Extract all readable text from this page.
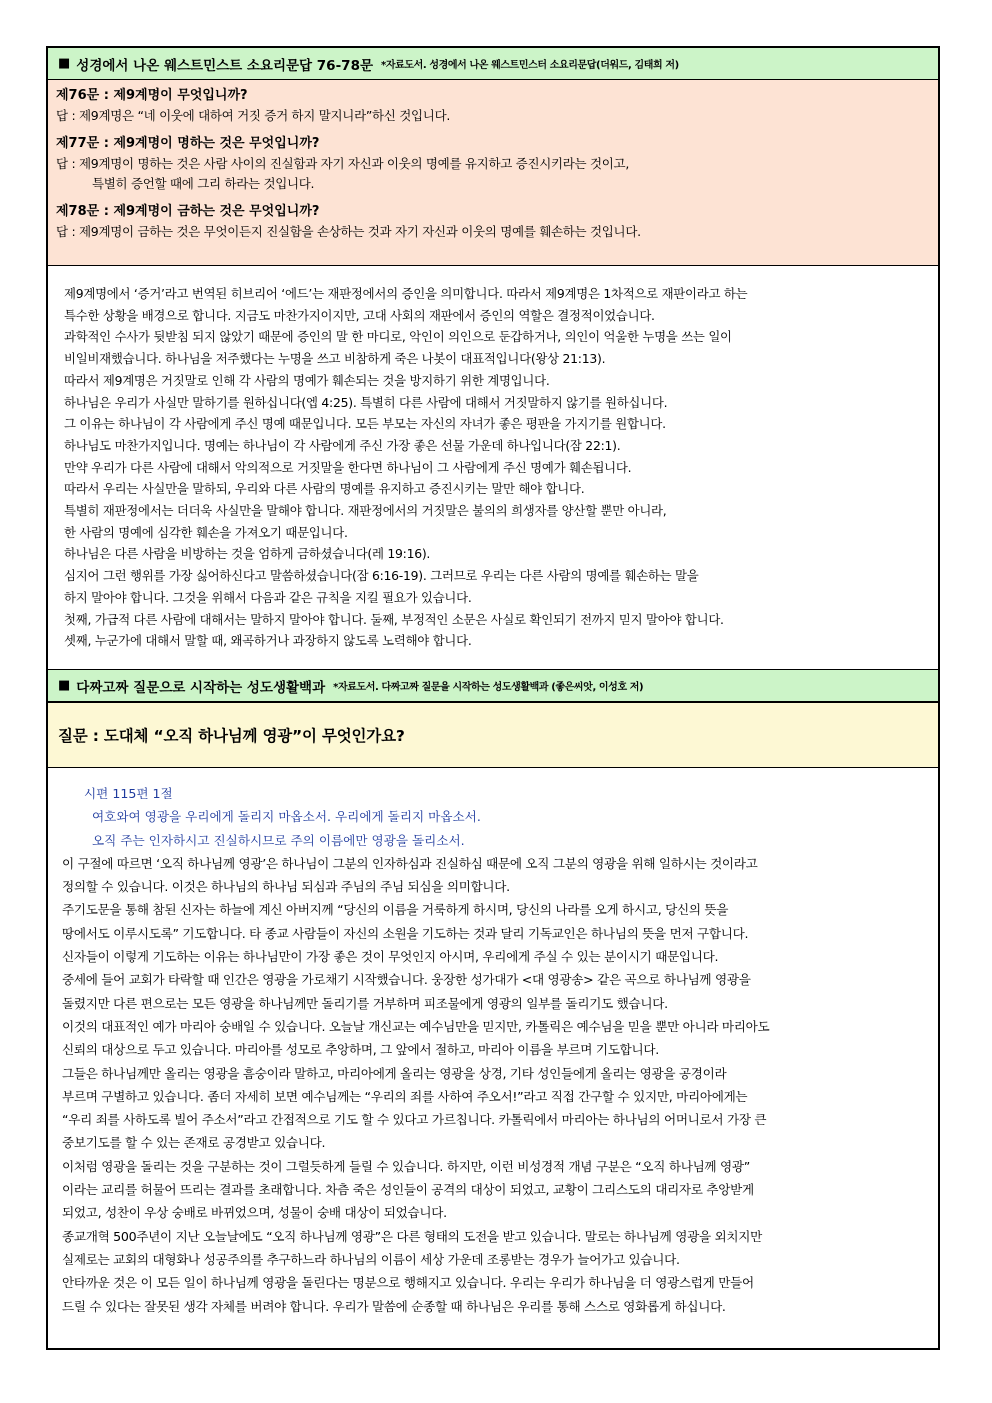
■ 성경에서 나온 웨스트민스트 소요리문답 76-78문 *자료도서. 성경에서 나온 웨스트민스터 소요리문답(더워드, 김태희 저)
제76문 : 제9계명이 무엇입니까?
답 : 제9계명은 “네 이웃에 대하여 거짓 증거 하지 말지니라”하신 것입니다.
제77문 : 제9계명이 명하는 것은 무엇입니까?
답 : 제9계명이 명하는 것은 사람 사이의 진실함과 자기 자신과 이웃의 명예를 유지하고 증진시키라는 것이고,
특별히 증언할 때에 그리 하라는 것입니다.
제78문 : 제9계명이 금하는 것은 무엇입니까?
답 : 제9계명이 금하는 것은 무엇이든지 진실함을 손상하는 것과 자기 자신과 이웃의 명예를 훼손하는 것입니다.
제9계명에서 ‘증거’라고 번역된 히브리어 ‘에드’는 재판정에서의 증인을 의미합니다. 따라서 제9계명은 1차적으로 재판이라고 하는
특수한 상황을 배경으로 합니다. 지금도 마찬가지이지만, 고대 사회의 재판에서 증인의 역할은 결정적이었습니다.
과학적인 수사가 뒷받침 되지 않았기 때문에 증인의 말 한 마디로, 악인이 의인으로 둔갑하거나, 의인이 억울한 누명을 쓰는 일이
비일비재했습니다. 하나님을 저주했다는 누명을 쓰고 비참하게 죽은 나봇이 대표적입니다(왕상 21:13).
따라서 제9계명은 거짓말로 인해 각 사람의 명예가 훼손되는 것을 방지하기 위한 계명입니다.
하나님은 우리가 사실만 말하기를 원하십니다(엡 4:25). 특별히 다른 사람에 대해서 거짓말하지 않기를 원하십니다.
그 이유는 하나님이 각 사람에게 주신 명예 때문입니다. 모든 부모는 자신의 자녀가 좋은 평판을 가지기를 원합니다.
하나님도 마찬가지입니다. 명예는 하나님이 각 사람에게 주신 가장 좋은 선물 가운데 하나입니다(잠 22:1).
만약 우리가 다른 사람에 대해서 악의적으로 거짓말을 한다면 하나님이 그 사람에게 주신 명예가 훼손됩니다.
따라서 우리는 사실만을 말하되, 우리와 다른 사람의 명예를 유지하고 증진시키는 말만 해야 합니다.
특별히 재판정에서는 더더욱 사실만을 말해야 합니다. 재판정에서의 거짓말은 불의의 희생자를 양산할 뿐만 아니라,
한 사람의 명예에 심각한 훼손을 가져오기 때문입니다.
하나님은 다른 사람을 비방하는 것을 엄하게 금하셨습니다(레 19:16).
심지어 그런 행위를 가장 싫어하신다고 말씀하셨습니다(잠 6:16-19). 그러므로 우리는 다른 사람의 명예를 훼손하는 말을
하지 말아야 합니다. 그것을 위해서 다음과 같은 규칙을 지킬 필요가 있습니다.
첫째, 가급적 다른 사람에 대해서는 말하지 말아야 합니다. 둘째, 부정적인 소문은 사실로 확인되기 전까지 믿지 말아야 합니다.
셋째, 누군가에 대해서 말할 때, 왜곡하거나 과장하지 않도록 노력해야 합니다.
■ 다짜고짜 질문으로 시작하는 성도생활백과 *자료도서. 다짜고짜 질문을 시작하는 성도생활백과 (좋은씨앗, 이성호 저)
질문 : 도대체 “오직 하나님께 영광”이 무엇인가요?
시편 115편 1절
여호와여 영광을 우리에게 돌리지 마옵소서. 우리에게 돌리지 마옵소서.
오직 주는 인자하시고 진실하시므로 주의 이름에만 영광을 돌리소서.
이 구절에 따르면 ‘오직 하나님께 영광’은 하나님이 그분의 인자하심과 진실하심 때문에 오직 그분의 영광을 위해 일하시는 것이라고
정의할 수 있습니다. 이것은 하나님의 하나님 되심과 주님의 주님 되심을 의미합니다.
주기도문을 통해 참된 신자는 하늘에 계신 아버지께 “당신의 이름을 거룩하게 하시며, 당신의 나라를 오게 하시고, 당신의 뜻을
땅에서도 이루시도록” 기도합니다. 타 종교 사람들이 자신의 소원을 기도하는 것과 달리 기독교인은 하나님의 뜻을 먼저 구합니다.
신자들이 이렇게 기도하는 이유는 하나님만이 가장 좋은 것이 무엇인지 아시며, 우리에게 주실 수 있는 분이시기 때문입니다.
중세에 들어 교회가 타락할 때 인간은 영광을 가로채기 시작했습니다. 웅장한 성가대가 <대 영광송> 같은 곡으로 하나님께 영광을
돌렸지만 다른 편으로는 모든 영광을 하나님께만 돌리기를 거부하며 피조물에게 영광의 일부를 돌리기도 했습니다.
이것의 대표적인 예가 마리아 숭배일 수 있습니다. 오늘날 개신교는 예수님만을 믿지만, 카톨릭은 예수님을 믿을 뿐만 아니라 마리아도
신뢰의 대상으로 두고 있습니다. 마리아를 성모로 추앙하며, 그 앞에서 절하고, 마리아 이름을 부르며 기도합니다.
그들은 하나님께만 올리는 영광을 흠숭이라 말하고, 마리아에게 올리는 영광을 상경, 기타 성인들에게 올리는 영광을 공경이라
부르며 구별하고 있습니다. 좀더 자세히 보면 예수님께는 “우리의 죄를 사하여 주오서!”라고 직접 간구할 수 있지만, 마리아에게는
“우리 죄를 사하도록 빌어 주소서”라고 간접적으로 기도 할 수 있다고 가르칩니다. 카톨릭에서 마리아는 하나님의 어머니로서 가장 큰
중보기도를 할 수 있는 존재로 공경받고 있습니다.
이처럼 영광을 돌리는 것을 구분하는 것이 그럴듯하게 들릴 수 있습니다. 하지만, 이런 비성경적 개념 구분은 “오직 하나님께 영광”
이라는 교리를 허물어 뜨리는 결과를 초래합니다. 차츰 죽은 성인들이 공격의 대상이 되었고, 교황이 그리스도의 대리자로 추앙받게
되었고, 성찬이 우상 숭배로 바뀌었으며, 성물이 숭배 대상이 되었습니다.
종교개혁 500주년이 지난 오늘날에도 “오직 하나님께 영광”은 다른 형태의 도전을 받고 있습니다. 말로는 하나님께 영광을 외치지만
실제로는 교회의 대형화나 성공주의를 추구하느라 하나님의 이름이 세상 가운데 조롱받는 경우가 늘어가고 있습니다.
안타까운 것은 이 모든 일이 하나님께 영광을 돌린다는 명분으로 행해지고 있습니다. 우리는 우리가 하나님을 더 영광스럽게 만들어
드릴 수 있다는 잘못된 생각 자체를 버려야 합니다. 우리가 말씀에 순종할 때 하나님은 우리를 통해 스스로 영화롭게 하십니다.
